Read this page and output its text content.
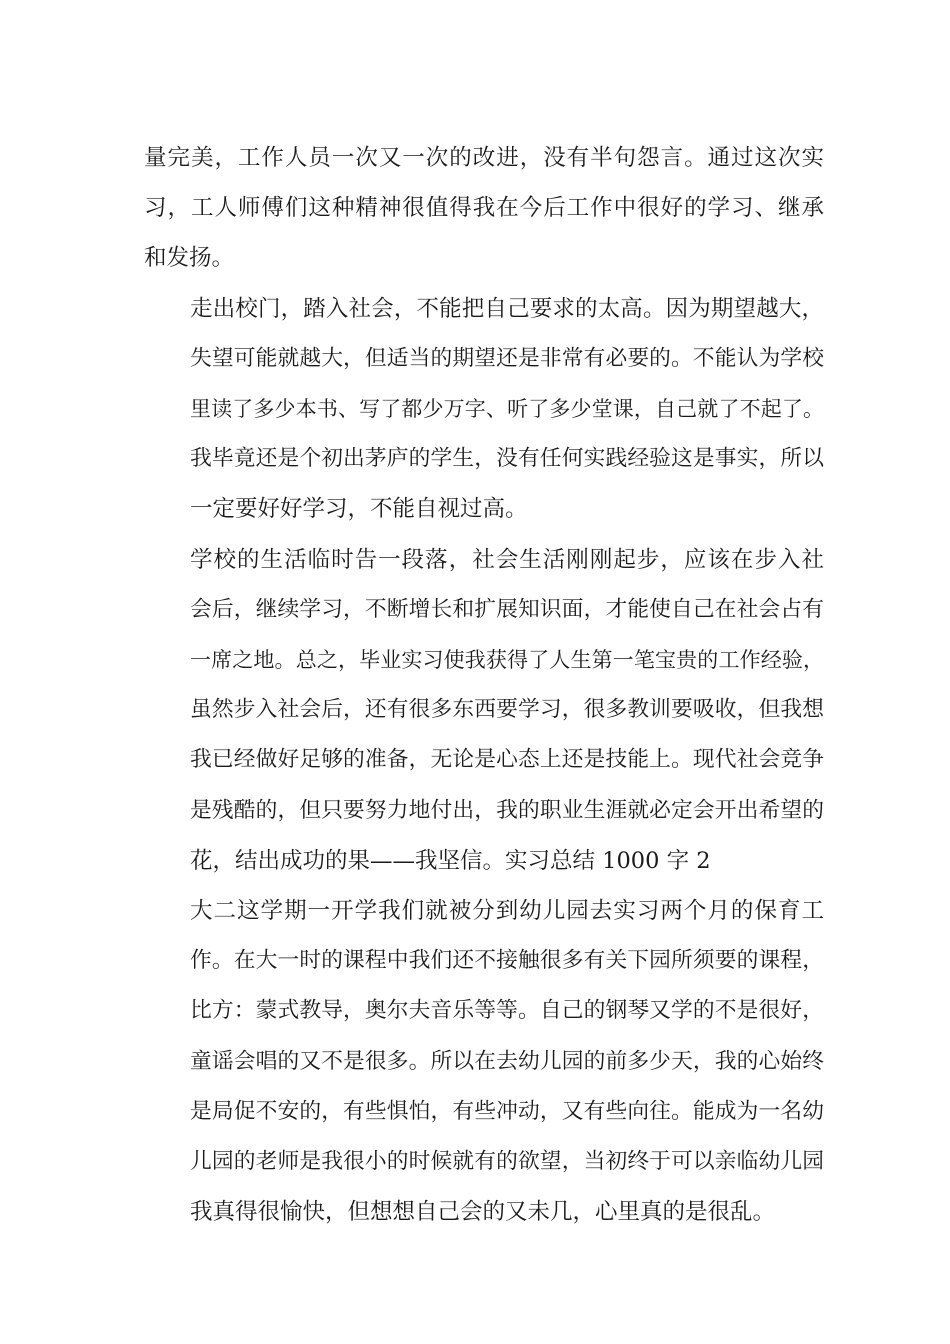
量完美，工作人员一次又一次的改进，没有半句怨言。通过这次实
习，工人师傅们这种精神很值得我在今后工作中很好的学习、继承
和发扬。
走出校门，踏入社会，不能把自己要求的太高。因为期望越大，
失望可能就越大，但适当的期望还是非常有必要的。不能认为学校
里读了多少本书、写了都少万字、听了多少堂课，自己就了不起了。
我毕竟还是个初出茅庐的学生，没有任何实践经验这是事实，所以
一定要好好学习，不能自视过高。
学校的生活临时告一段落，社会生活刚刚起步，应该在步入社
会后，继续学习，不断增长和扩展知识面，才能使自己在社会占有
一席之地。总之，毕业实习使我获得了人生第一笔宝贵的工作经验，
虽然步入社会后，还有很多东西要学习，很多教训要吸收，但我想
我已经做好足够的准备，无论是心态上还是技能上。现代社会竞争
是残酷的，但只要努力地付出，我的职业生涯就必定会开出希望的
花，结出成功的果——我坚信。实习总结 1000 字 2
大二这学期一开学我们就被分到幼儿园去实习两个月的保育工
作。在大一时的课程中我们还不接触很多有关下园所须要的课程，
比方：蒙式教导，奥尔夫音乐等等。自己的钢琴又学的不是很好，
童谣会唱的又不是很多。所以在去幼儿园的前多少天，我的心始终
是局促不安的，有些惧怕，有些冲动，又有些向往。能成为一名幼
儿园的老师是我很小的时候就有的欲望，当初终于可以亲临幼儿园
我真得很愉快，但想想自己会的又未几，心里真的是很乱。
